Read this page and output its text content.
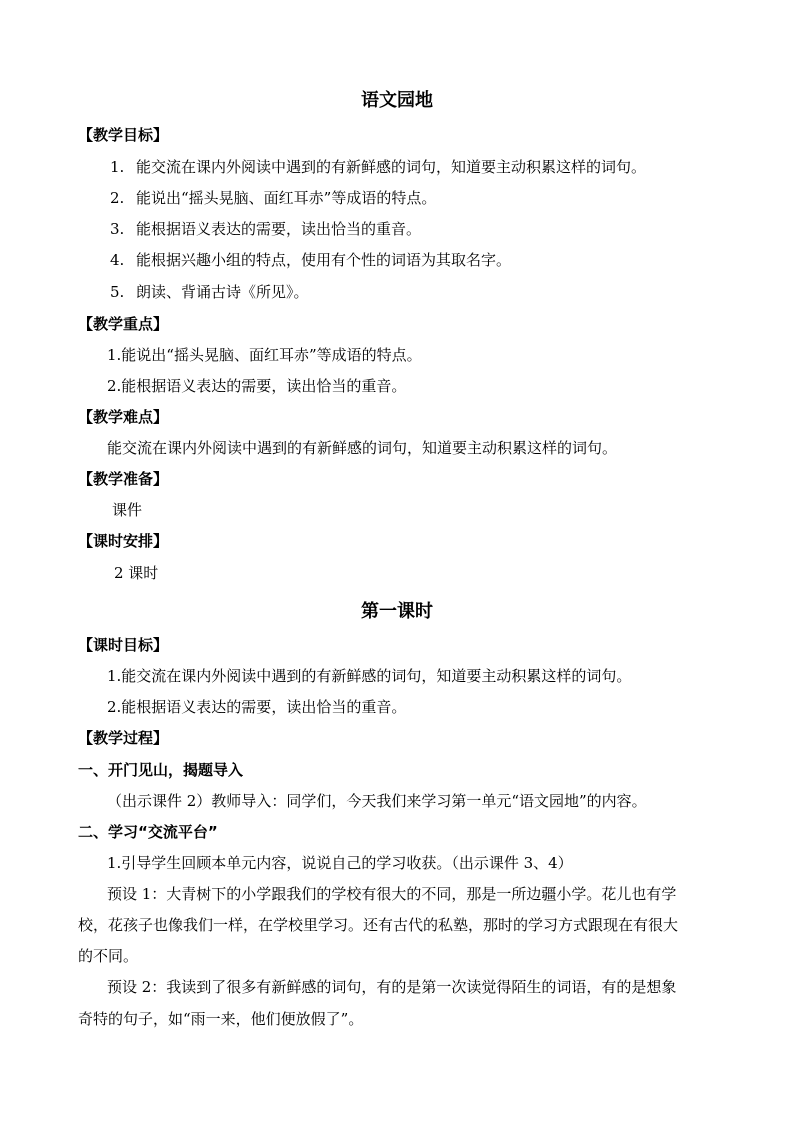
语文园地
【教学目标】
1. 能交流在课内外阅读中遇到的有新鲜感的词句，知道要主动积累这样的词句。
2. 能说出“摇头晃脑、面红耳赤”等成语的特点。
3. 能根据语义表达的需要，读出恰当的重音。
4. 能根据兴趣小组的特点，使用有个性的词语为其取名字。
5. 朗读、背诵古诗《所见》。
【教学重点】
1.能说出“摇头晃脑、面红耳赤”等成语的特点。
2.能根据语义表达的需要，读出恰当的重音。
【教学难点】
能交流在课内外阅读中遇到的有新鲜感的词句，知道要主动积累这样的词句。
【教学准备】
课件
【课时安排】
2 课时
第一课时
【课时目标】
1.能交流在课内外阅读中遇到的有新鲜感的词句，知道要主动积累这样的词句。
2.能根据语义表达的需要，读出恰当的重音。
【教学过程】
一、开门见山，揭题导入
（出示课件 2）教师导入：同学们，今天我们来学习第一单元“语文园地”的内容。
二、学习“交流平台”
1.引导学生回顾本单元内容，说说自己的学习收获。（出示课件 3、4）
预设 1：大青树下的小学跟我们的学校有很大的不同，那是一所边疆小学。花儿也有学
校，花孩子也像我们一样，在学校里学习。还有古代的私塾，那时的学习方式跟现在有很大
的不同。
预设 2：我读到了很多有新鲜感的词句，有的是第一次读觉得陌生的词语，有的是想象
奇特的句子，如“雨一来，他们便放假了”。
